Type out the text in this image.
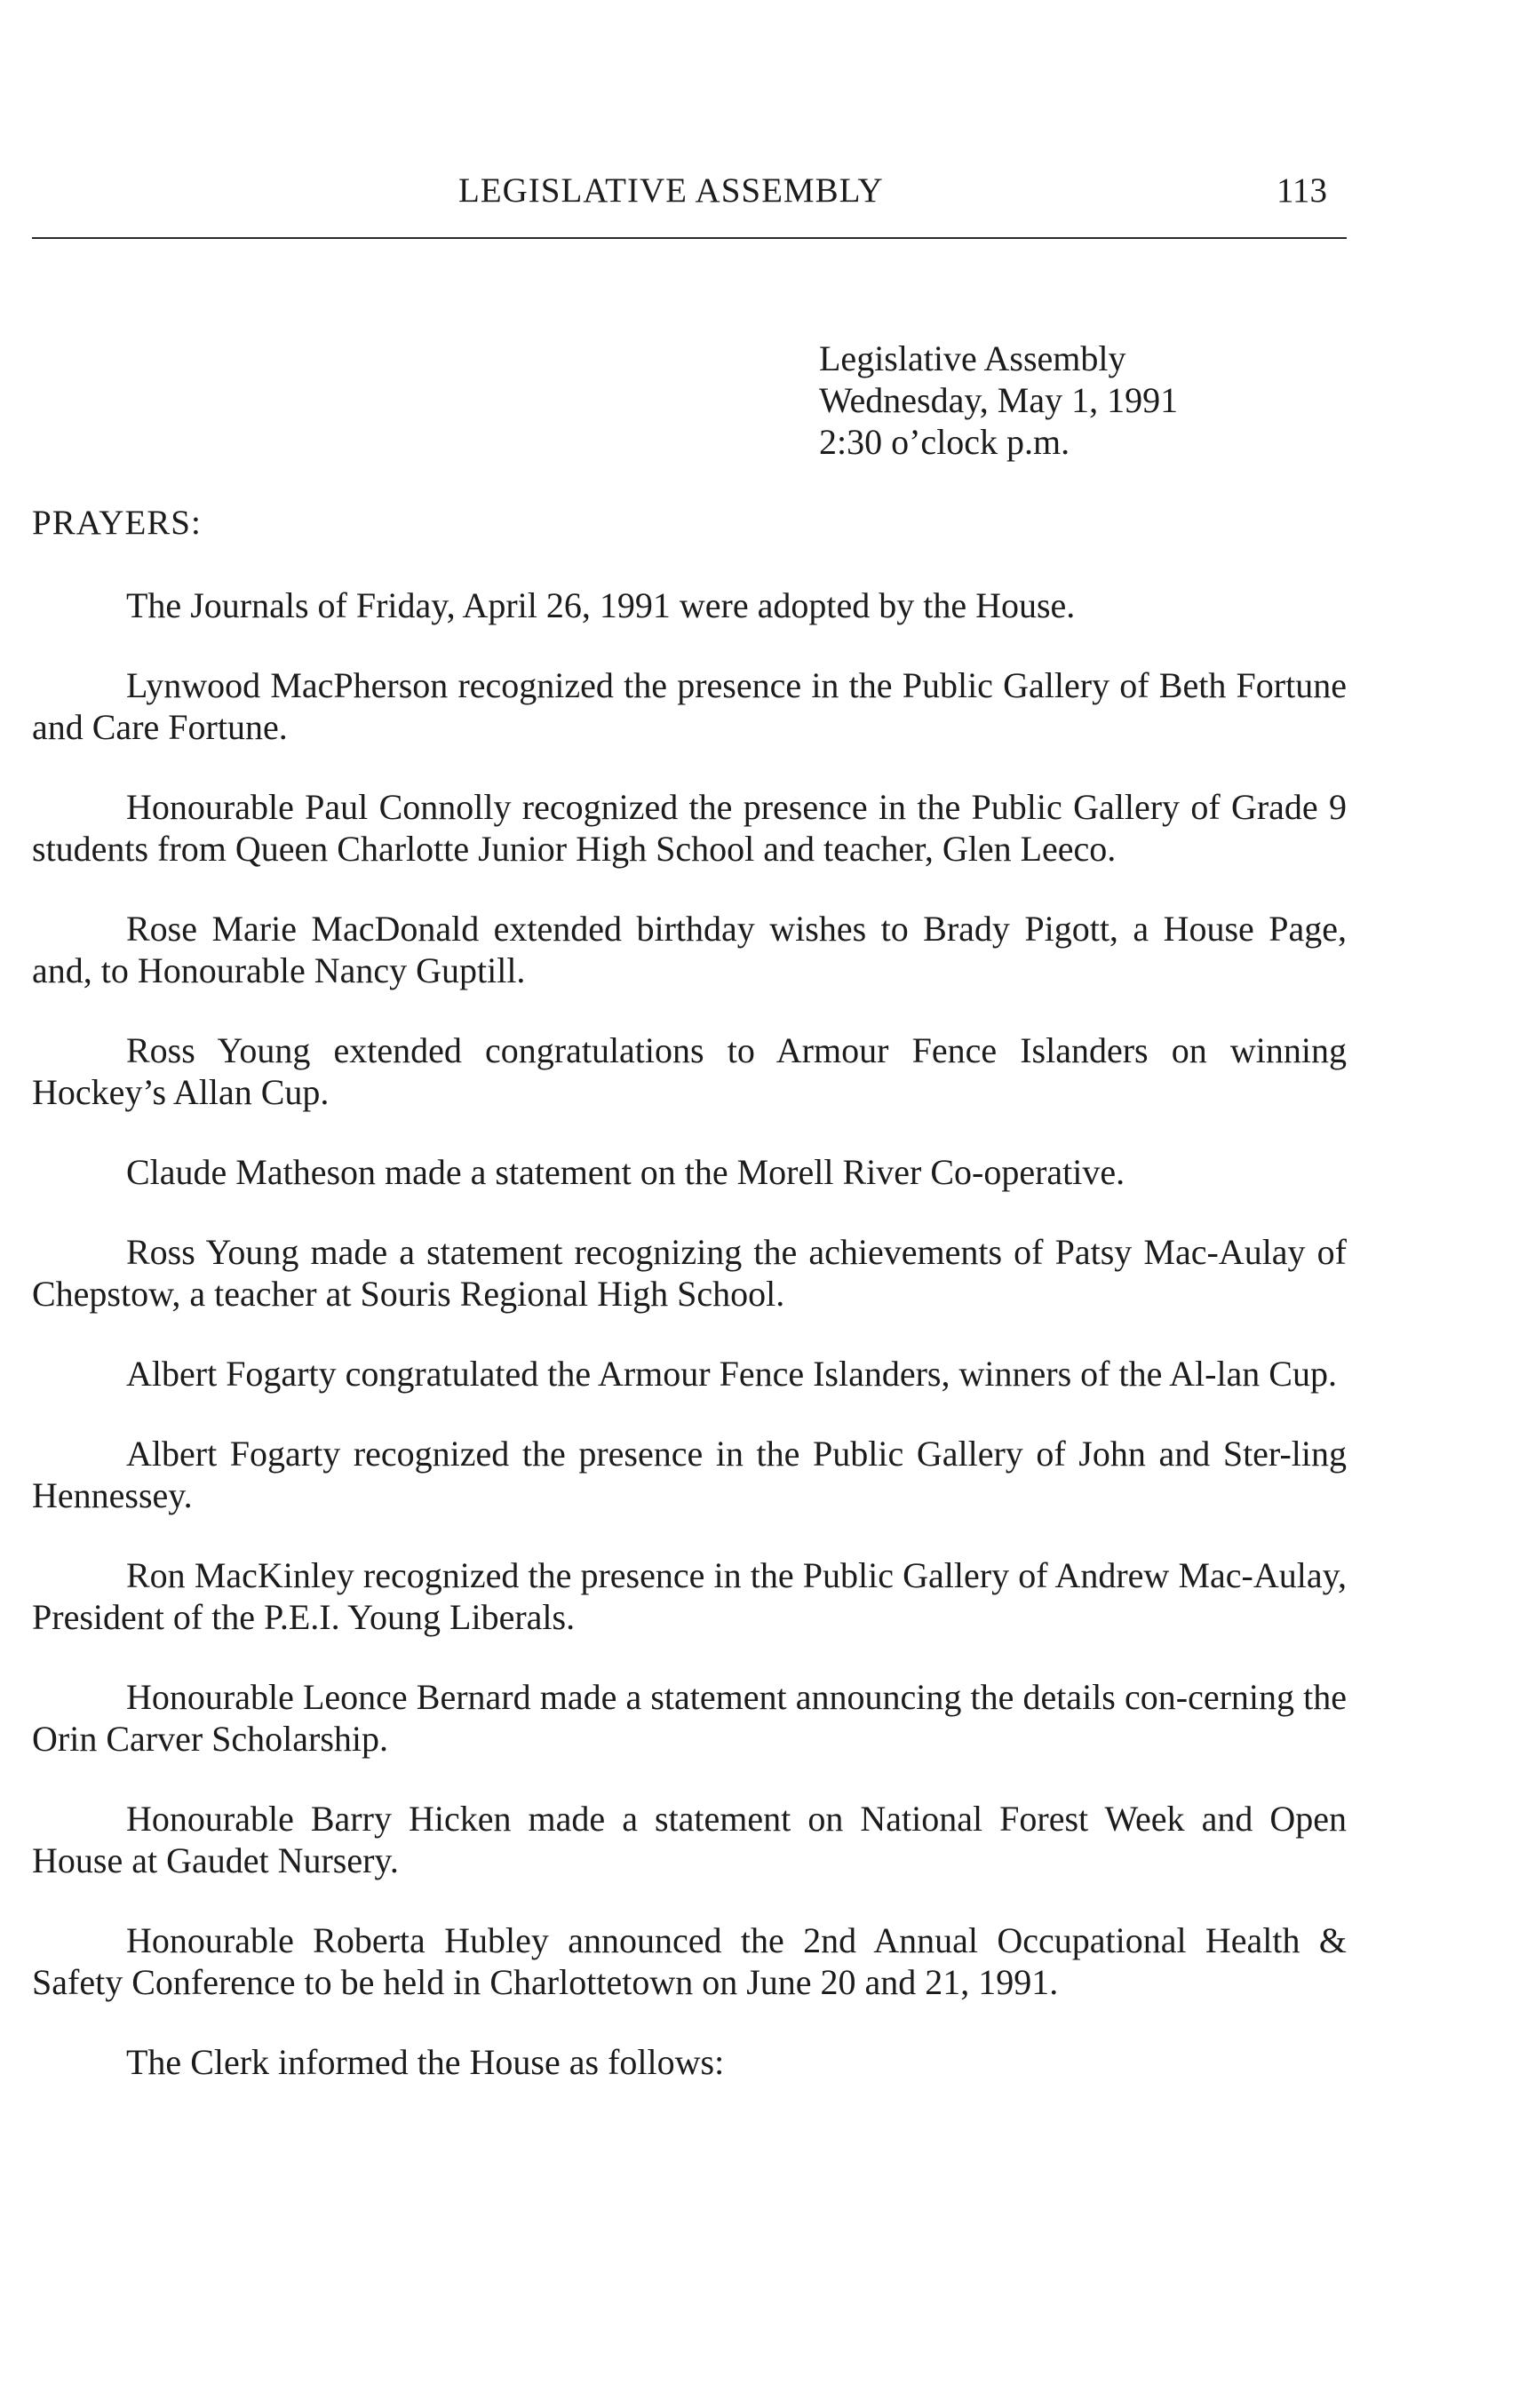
LEGISLATIVE ASSEMBLY	113
Legislative Assembly
Wednesday, May 1, 1991
2:30 o’clock p.m.
PRAYERS:

The Journals of Friday, April 26, 1991 were adopted by the House.

Lynwood MacPherson recognized the presence in the Public Gallery of Beth Fortune and Care Fortune.

Honourable Paul Connolly recognized the presence in the Public Gallery of Grade 9 students from Queen Charlotte Junior High School and teacher, Glen Leeco.

Rose Marie MacDonald extended birthday wishes to Brady Pigott, a House Page, and, to Honourable Nancy Guptill.

Ross Young extended congratulations to Armour Fence Islanders on winning Hockey’s Allan Cup.

Claude Matheson made a statement on the Morell River Co-operative.

Ross Young made a statement recognizing the achievements of Patsy Mac-Aulay of Chepstow, a teacher at Souris Regional High School.

Albert Fogarty congratulated the Armour Fence Islanders, winners of the Al-lan Cup.

Albert Fogarty recognized the presence in the Public Gallery of John and Ster-ling Hennessey.

Ron MacKinley recognized the presence in the Public Gallery of Andrew Mac-Aulay, President of the P.E.I. Young Liberals.

Honourable Leonce Bernard made a statement announcing the details con-cerning the Orin Carver Scholarship.

Honourable Barry Hicken made a statement on National Forest Week and Open House at Gaudet Nursery.

Honourable Roberta Hubley announced the 2nd Annual Occupational Health & Safety Conference to be held in Charlottetown on June 20 and 21, 1991.

The Clerk informed the House as follows:
